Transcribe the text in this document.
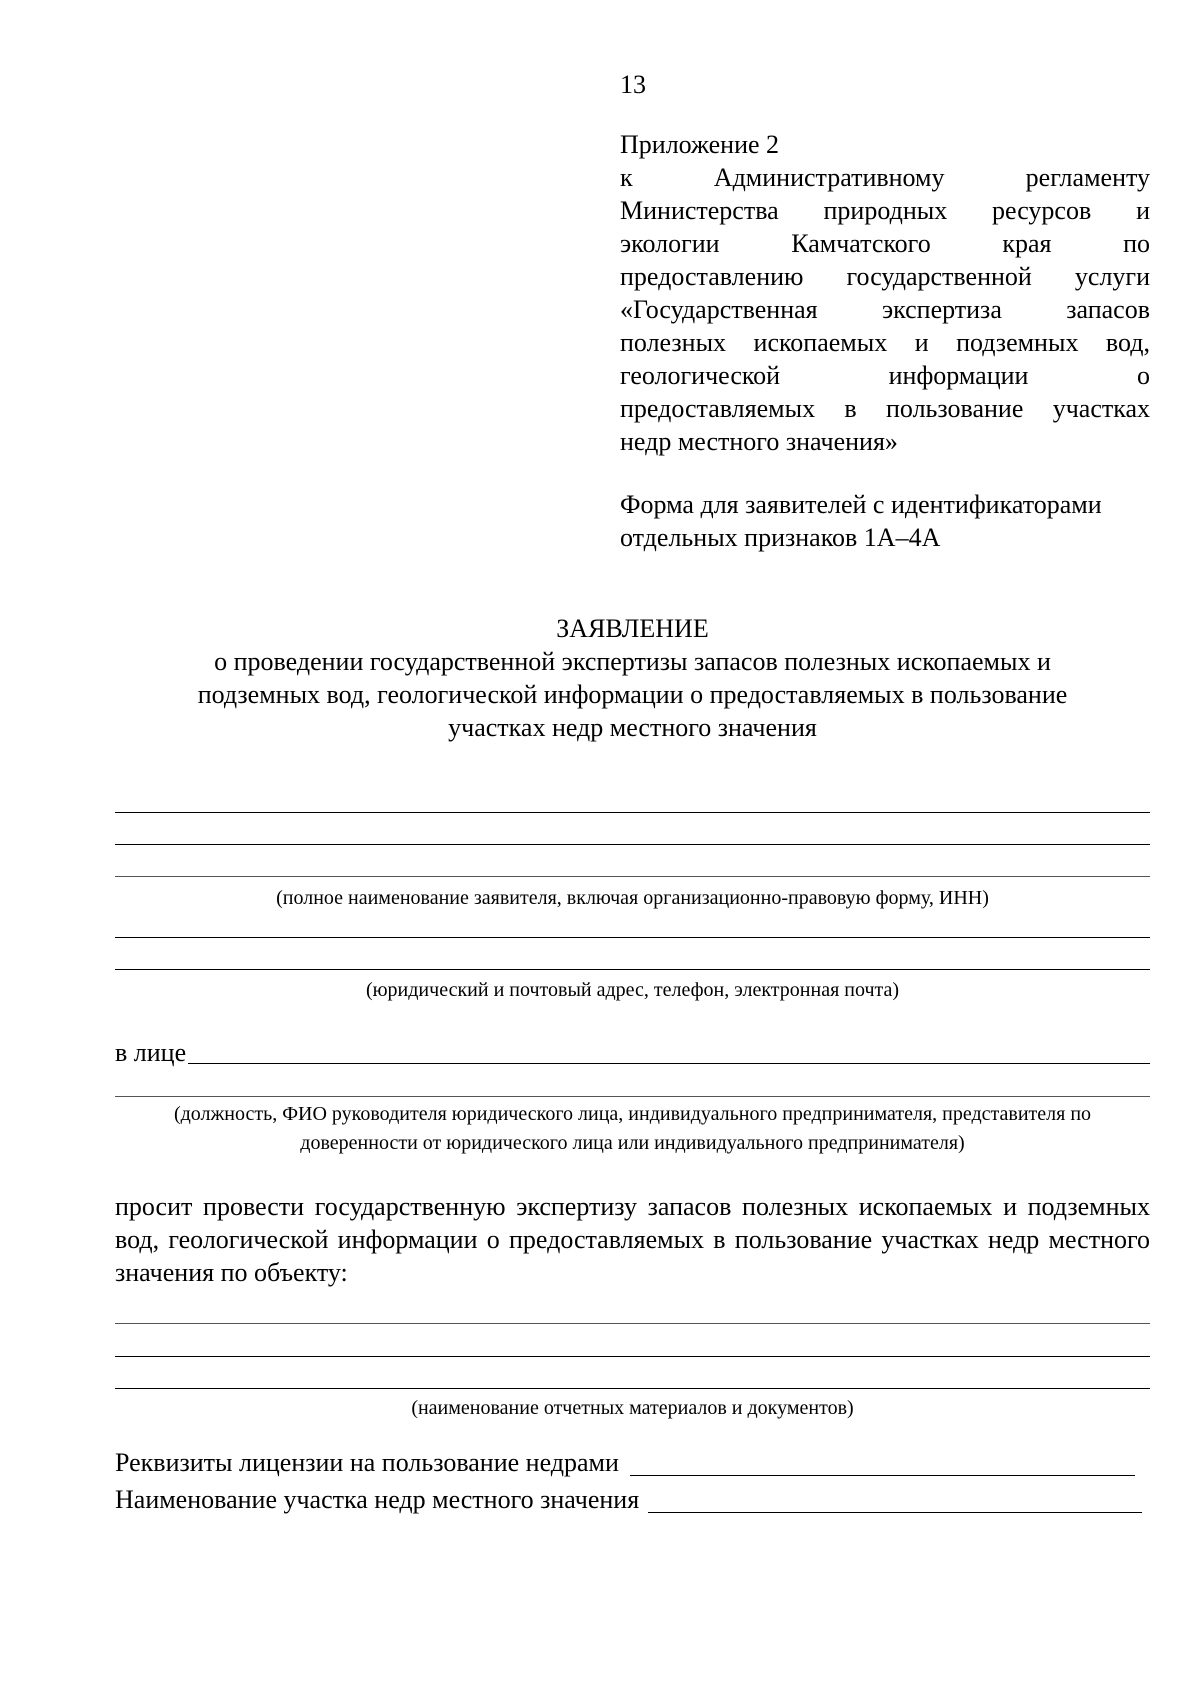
13
Приложение 2
к Административному регламенту
Министерства природных ресурсов и
экологии Камчатского края по
предоставлению государственной услуги
«Государственная экспертиза запасов
полезных ископаемых и подземных вод,
геологической информации о
предоставляемых в пользование участках
недр местного значения»
Форма для заявителей с идентификаторами
отдельных признаков 1А–4А
ЗАЯВЛЕНИЕ
о проведении государственной экспертизы запасов полезных ископаемых и
подземных вод, геологической информации о предоставляемых в пользование
участках недр местного значения
(полное наименование заявителя, включая организационно-правовую форму, ИНН)
(юридический и почтовый адрес, телефон, электронная почта)
в лице
(должность, ФИО руководителя юридического лица, индивидуального предпринимателя, представителя по
доверенности от юридического лица или индивидуального предпринимателя)
просит провести государственную экспертизу запасов полезных ископаемых и подземных
вод, геологической информации о предоставляемых в пользование участках недр местного
значения по объекту:
(наименование отчетных материалов и документов)
Реквизиты лицензии на пользование недрами
Наименование участка недр местного значения
